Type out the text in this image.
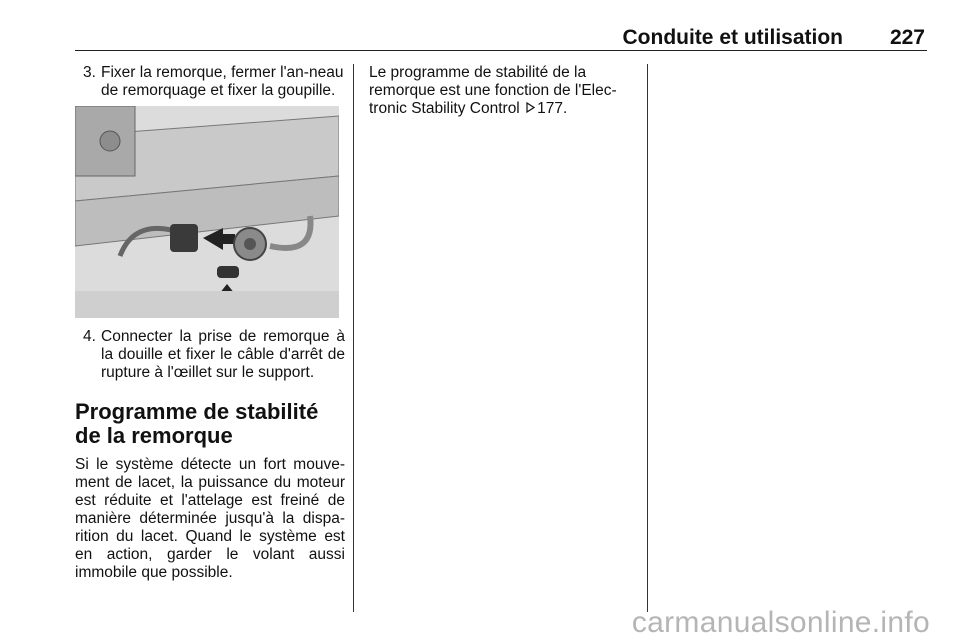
Conduite et utilisation 227
3. Fixer la remorque, fermer l'an-neau de remorquage et fixer la goupille.

4. Connecter la prise de remorque à la douille et fixer le câble d'arrêt de rupture à l'œillet sur le support.

Programme de stabilité de la remorque

Si le système détecte un fort mouve-ment de lacet, la puissance du moteur est réduite et l'attelage est freiné de manière déterminée jusqu'à la dispa-rition du lacet. Quand le système est en action, garder le volant aussi immobile que possible.

Le programme de stabilité de la remorque est une fonction de l'Elec-tronic Stability Control 177.

carmanualsonline.info
